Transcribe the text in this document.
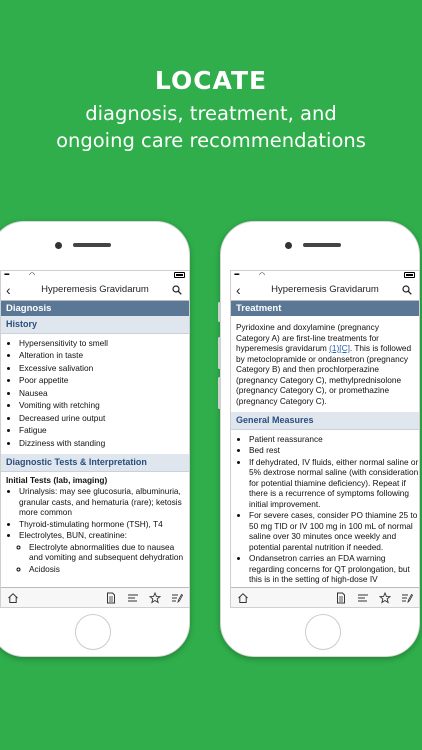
LOCATE
diagnosis, treatment, and
ongoing care recommendations
▪▪▪▪	◠
‹	Hyperemesis Gravidarum
Diagnosis
History
• Hypersensitivity to smell
• Alteration in taste
• Excessive salivation
• Poor appetite
• Nausea
• Vomiting with retching
• Decreased urine output
• Fatigue
• Dizziness with standing
Diagnostic Tests & Interpretation
Initial Tests (lab, imaging)
• Urinalysis: may see glucosuria, albuminuria, granular casts, and hematuria (rare); ketosis more common
• Thyroid-stimulating hormone (TSH), T4
• Electrolytes, BUN, creatinine:
◦ Electrolyte abnormalities due to nausea and vomiting and subsequent dehydration
◦ Acidosis
▪▪▪▪	◠
‹	Hyperemesis Gravidarum
Treatment
Pyridoxine and doxylamine (pregnancy Category A) are first-line treatments for hyperemesis gravidarum (1)[C]. This is followed by metoclopramide or ondansetron (pregnancy Category B) and then prochlorperazine (pregnancy Category C), methylprednisolone (pregnancy Category C), or promethazine (pregnancy Category C).
General Measures
• Patient reassurance
• Bed rest
• If dehydrated, IV fluids, either normal saline or 5% dextrose normal saline (with consideration for potential thiamine deficiency). Repeat if there is a recurrence of symptoms following initial improvement.
• For severe cases, consider PO thiamine 25 to 50 mg TID or IV 100 mg in 100 mL of normal saline over 30 minutes once weekly and potential parental nutrition if needed.
• Ondansetron carries an FDA warning regarding concerns for QT prolongation, but this is in the setting of high-dose IV
